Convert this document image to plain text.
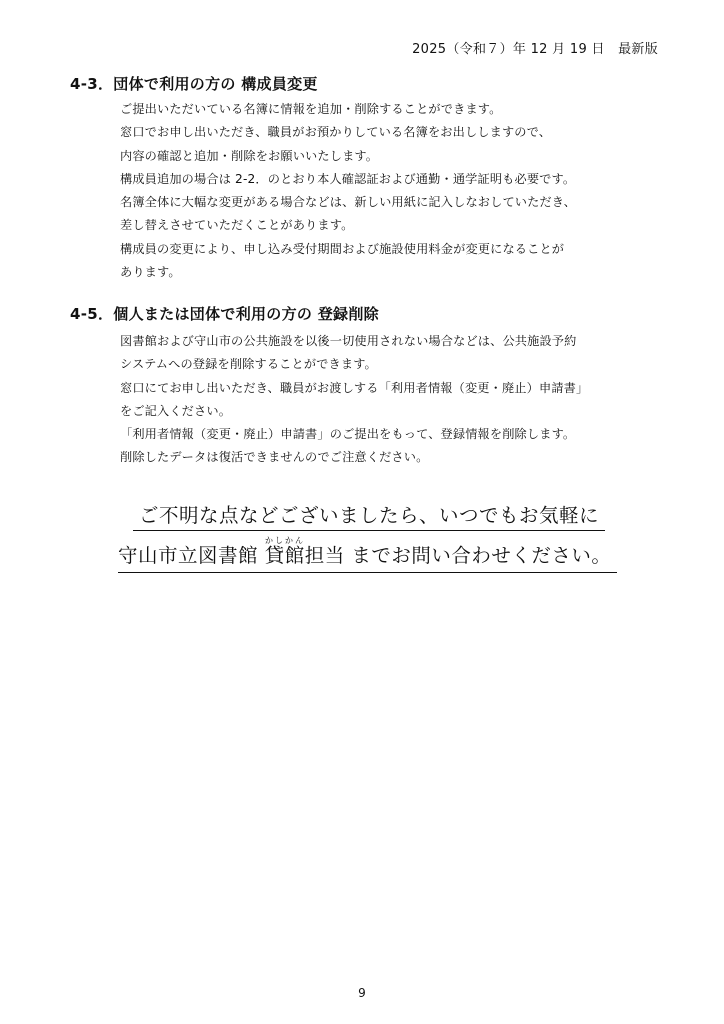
2025（令和７）年 12 月 19 日　最新版
4-3．団体で利用の方の 構成員変更

ご提出いただいている名簿に情報を追加・削除することができます。

窓口でお申し出いただき、職員がお預かりしている名簿をお出ししますので、

内容の確認と追加・削除をお願いいたします。

構成員追加の場合は 2-2．のとおり本人確認証および通勤・通学証明も必要です。

名簿全体に大幅な変更がある場合などは、新しい用紙に記入しなおしていただき、

差し替えさせていただくことがあります。

構成員の変更により、申し込み受付期間および施設使用料金が変更になることが

あります。

4-5．個人または団体で利用の方の 登録削除

図書館および守山市の公共施設を以後一切使用されない場合などは、公共施設予約

システムへの登録を削除することができます。

窓口にてお申し出いただき、職員がお渡しする「利用者情報（変更・廃止）申請書」

をご記入ください。

「利用者情報（変更・廃止）申請書」のご提出をもって、登録情報を削除します。

削除したデータは復活できませんのでご注意ください。

ご不明な点などございましたら、いつでもお気軽に
守山市立図書館 貸館かしかん担当 までお問い合わせください。
9
